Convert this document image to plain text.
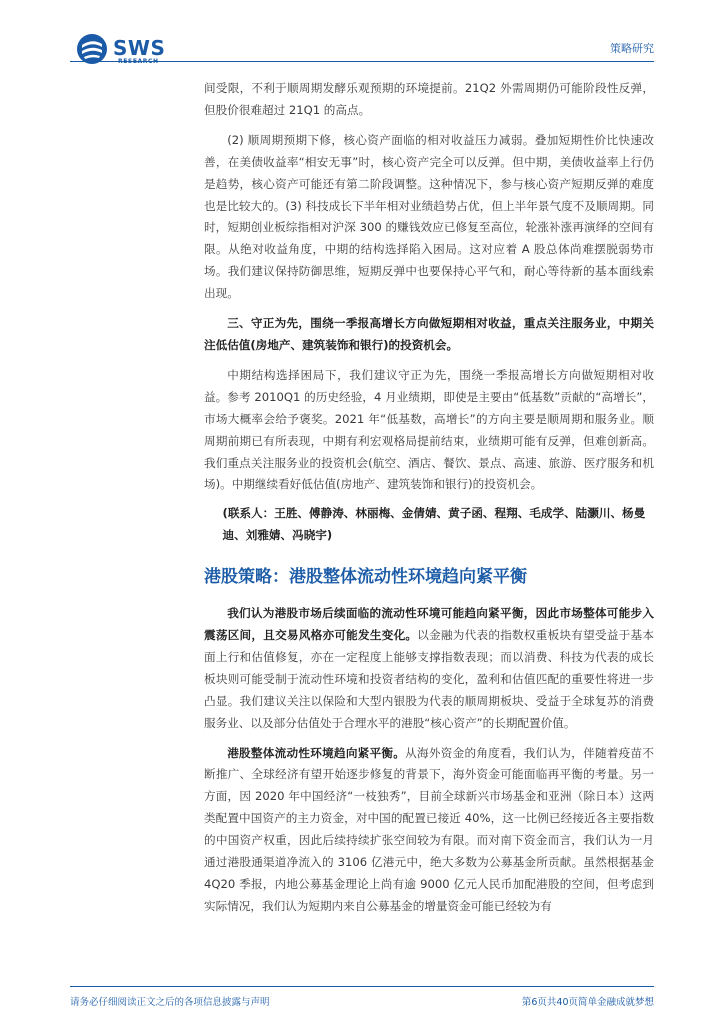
SWS	策略研究

间受限，不利于顺周期发酵乐观预期的环境提前。21Q2 外需周期仍可能阶段性反弹，但股价很难超过 21Q1 的高点。

(2) 顺周期预期下修，核心资产面临的相对收益压力减弱。叠加短期性价比快速改善，在美债收益率“相安无事”时，核心资产完全可以反弹。但中期，美债收益率上行仍是趋势，核心资产可能还有第二阶段调整。这种情况下，参与核心资产短期反弹的难度也是比较大的。(3) 科技成长下半年相对业绩趋势占优，但上半年景气度不及顺周期。同时，短期创业板综指相对沪深 300 的赚钱效应已修复至高位，轮涨补涨再演绎的空间有限。从绝对收益角度，中期的结构选择陷入困局。这对应着 A 股总体尚难摆脱弱势市场。我们建议保持防御思维，短期反弹中也要保持心平气和，耐心等待新的基本面线索出现。

三、守正为先，围绕一季报高增长方向做短期相对收益，重点关注服务业，中期关注低估值(房地产、建筑装饰和银行)的投资机会。

中期结构选择困局下，我们建议守正为先，围绕一季报高增长方向做短期相对收益。参考 2010Q1 的历史经验，4 月业绩期，即使是主要由“低基数”贡献的“高增长”，市场大概率会给予褒奖。2021 年“低基数，高增长”的方向主要是顺周期和服务业。顺周期前期已有所表现，中期有利宏观格局提前结束，业绩期可能有反弹，但难创新高。我们重点关注服务业的投资机会(航空、酒店、餐饮、景点、高速、旅游、医疗服务和机场)。中期继续看好低估值(房地产、建筑装饰和银行)的投资机会。

(联系人：王胜、傅静涛、林丽梅、金倩婧、黄子函、程翔、毛成学、陆灏川、杨曼迪、刘雅婧、冯晓宇)

港股策略：港股整体流动性环境趋向紧平衡

我们认为港股市场后续面临的流动性环境可能趋向紧平衡，因此市场整体可能步入震荡区间，且交易风格亦可能发生变化。以金融为代表的指数权重板块有望受益于基本面上行和估值修复，亦在一定程度上能够支撑指数表现；而以消费、科技为代表的成长板块则可能受制于流动性环境和投资者结构的变化，盈利和估值匹配的重要性将进一步凸显。我们建议关注以保险和大型内银股为代表的顺周期板块、受益于全球复苏的消费服务业、以及部分估值处于合理水平的港股“核心资产”的长期配置价值。

港股整体流动性环境趋向紧平衡。从海外资金的角度看，我们认为，伴随着疫苗不断推广、全球经济有望开始逐步修复的背景下，海外资金可能面临再平衡的考量。另一方面，因 2020 年中国经济“一枝独秀”，目前全球新兴市场基金和亚洲（除日本）这两类配置中国资产的主力资金，对中国的配置已接近 40%，这一比例已经接近各主要指数的中国资产权重，因此后续持续扩张空间较为有限。而对南下资金而言，我们认为一月通过港股通渠道净流入的 3106 亿港元中，绝大多数为公募基金所贡献。虽然根据基金 4Q20 季报，内地公募基金理论上尚有逾 9000 亿元人民币加配港股的空间，但考虑到实际情况，我们认为短期内来自公募基金的增量资金可能已经较为有

请务必仔细阅读正文之后的各项信息披露与声明	第6页共40页简单金融成就梦想
